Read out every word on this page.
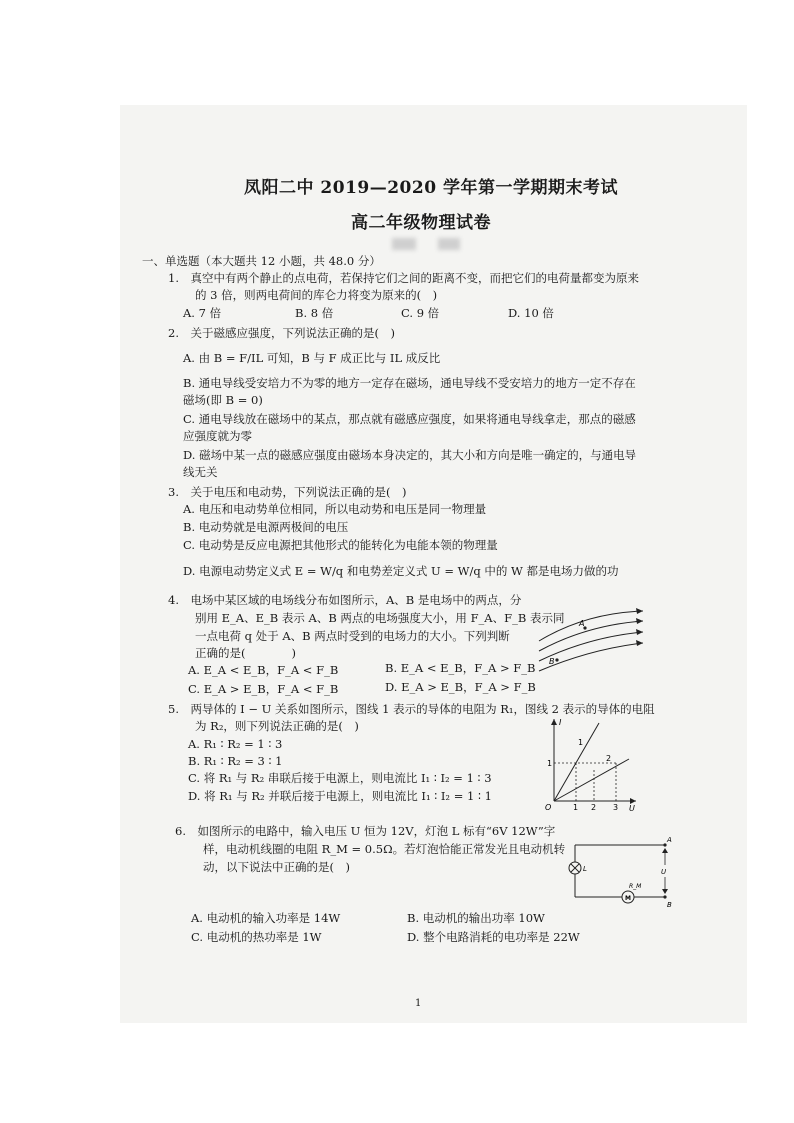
凤阳二中 2019—2020 学年第一学期期末考试
高二年级物理试卷
一、单选题（本大题共 12 小题，共 48.0 分）
1.　真空中有两个静止的点电荷，若保持它们之间的距离不变，而把它们的电荷量都变为原来
的 3 倍，则两电荷间的库仑力将变为原来的(　)
A. 7 倍	B. 8 倍	C. 9 倍	D. 10 倍
2.　关于磁感应强度，下列说法正确的是(　)
A. 由 B = F/IL 可知，B 与 F 成正比与 IL 成反比
B. 通电导线受安培力不为零的地方一定存在磁场，通电导线不受安培力的地方一定不存在
磁场(即 B = 0)
C. 通电导线放在磁场中的某点，那点就有磁感应强度，如果将通电导线拿走，那点的磁感
应强度就为零
D. 磁场中某一点的磁感应强度由磁场本身决定的，其大小和方向是唯一确定的，与通电导
线无关
3.　关于电压和电动势，下列说法正确的是(　)
A. 电压和电动势单位相同，所以电动势和电压是同一物理量
B. 电动势就是电源两极间的电压
C. 电动势是反应电源把其他形式的能转化为电能本领的物理量
D. 电源电动势定义式 E = W/q 和电势差定义式 U = W/q 中的 W 都是电场力做的功
4.　电场中某区域的电场线分布如图所示，A、B 是电场中的两点，分
别用 E_A、E_B 表示 A、B 两点的电场强度大小，用 F_A、F_B 表示同
一点电荷 q 处于 A、B 两点时受到的电场力的大小。下列判断
正确的是(　　　　)
A. E_A < E_B，F_A < F_B	B. E_A < E_B，F_A > F_B
C. E_A > E_B，F_A < F_B	D. E_A > E_B，F_A > F_B
A
B
5.　两导体的 I − U 关系如图所示，图线 1 表示的导体的电阻为 R₁，图线 2 表示的导体的电阻
为 R₂，则下列说法正确的是(　)
A. R₁ ∶ R₂ = 1 ∶ 3
B. R₁ ∶ R₂ = 3 ∶ 1
C. 将 R₁ 与 R₂ 串联后接于电源上，则电流比 I₁ ∶ I₂ = 1 ∶ 3
D. 将 R₁ 与 R₂ 并联后接于电源上，则电流比 I₁ ∶ I₂ = 1 ∶ 1
I
U
O
1
1
2
1 2 3
6.　如图所示的电路中，输入电压 U 恒为 12V，灯泡 L 标有“6V 12W”字
样，电动机线圈的电阻 R_M = 0.5Ω。若灯泡恰能正常发光且电动机转
动，以下说法中正确的是(　)
A. 电动机的输入功率是 14W	B. 电动机的输出功率 10W
C. 电动机的热功率是 1W	D. 整个电路消耗的电功率是 22W
A
B
U
L
M
R_M
1
